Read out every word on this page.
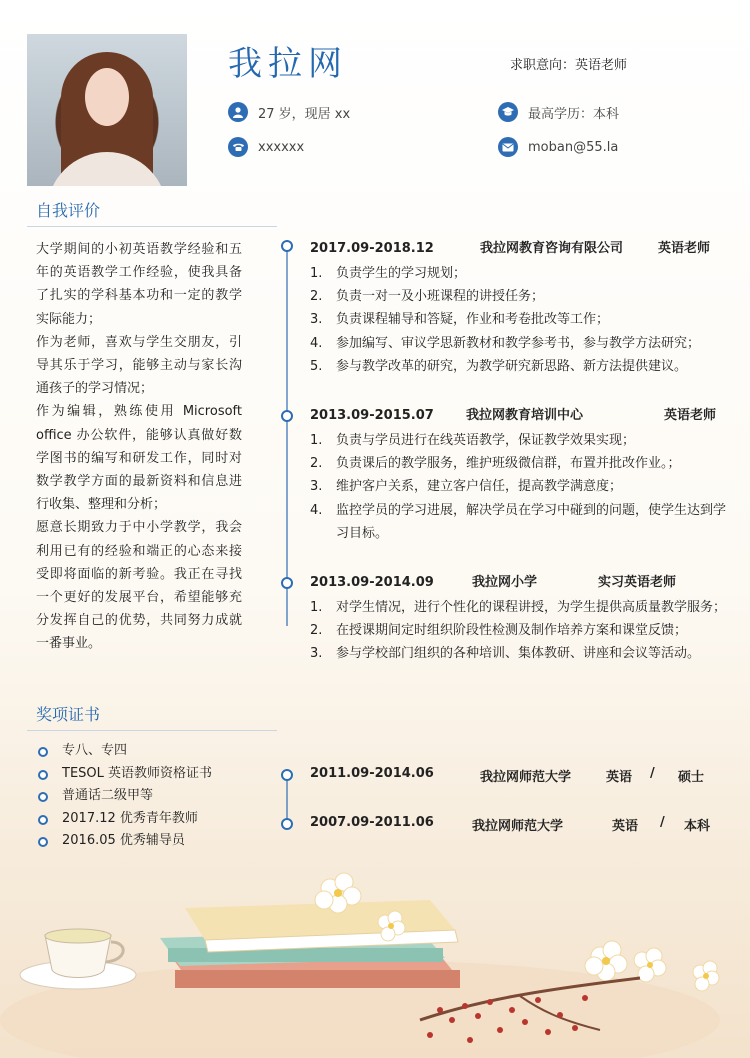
我拉网	求职意向：英语老师
27 岁，现居 xx	最高学历：本科
xxxxxx	moban@55.la
自我评价

大学期间的小初英语教学经验和五年的英语教学工作经验，使我具备了扎实的学科基本功和一定的教学实际能力；

作为老师，喜欢与学生交朋友，引导其乐于学习，能够主动与家长沟通孩子的学习情况；

作为编辑，熟练使用 Microsoft office 办公软件，能够认真做好数学图书的编写和研发工作，同时对数学教学方面的最新资料和信息进行收集、整理和分析；

愿意长期致力于中小学教学，我会利用已有的经验和端正的心态来接受即将面临的新考验。我正在寻找一个更好的发展平台，希望能够充分发挥自己的优势，共同努力成就一番事业。

2017.09-2018.12	我拉网教育咨询有限公司	英语老师
1. 负责学生的学习规划；
2. 负责一对一及小班课程的讲授任务；
3. 负责课程辅导和答疑，作业和考卷批改等工作；
4. 参加编写、审议学思新教材和教学参考书，参与教学方法研究；
5. 参与教学改革的研究，为教学研究新思路、新方法提供建议。
2013.09-2015.07 我拉网教育培训中心	英语老师
1. 负责与学员进行在线英语教学，保证教学效果实现；
2. 负责课后的教学服务，维护班级微信群，布置并批改作业。；
3. 维护客户关系，建立客户信任，提高教学满意度；
4. 监控学员的学习进展，解决学员在学习中碰到的问题，使学生达到学习目标。
2013.09-2014.09	我拉网小学	实习英语老师
1. 对学生情况，进行个性化的课程讲授，为学生提供高质量教学服务；
2. 在授课期间定时组织阶段性检测及制作培养方案和课堂反馈；
3. 参与学校部门组织的各种培训、集体教研、讲座和会议等活动。
奖项证书
专八、专四
TESOL 英语教师资格证书
普通话二级甲等
2017.12 优秀青年教师
2016.05 优秀辅导员
2011.09-2014.06	我拉网师范大学	英语 / 硕士
2007.09-2011.06	我拉网师范大学	英语 / 本科
